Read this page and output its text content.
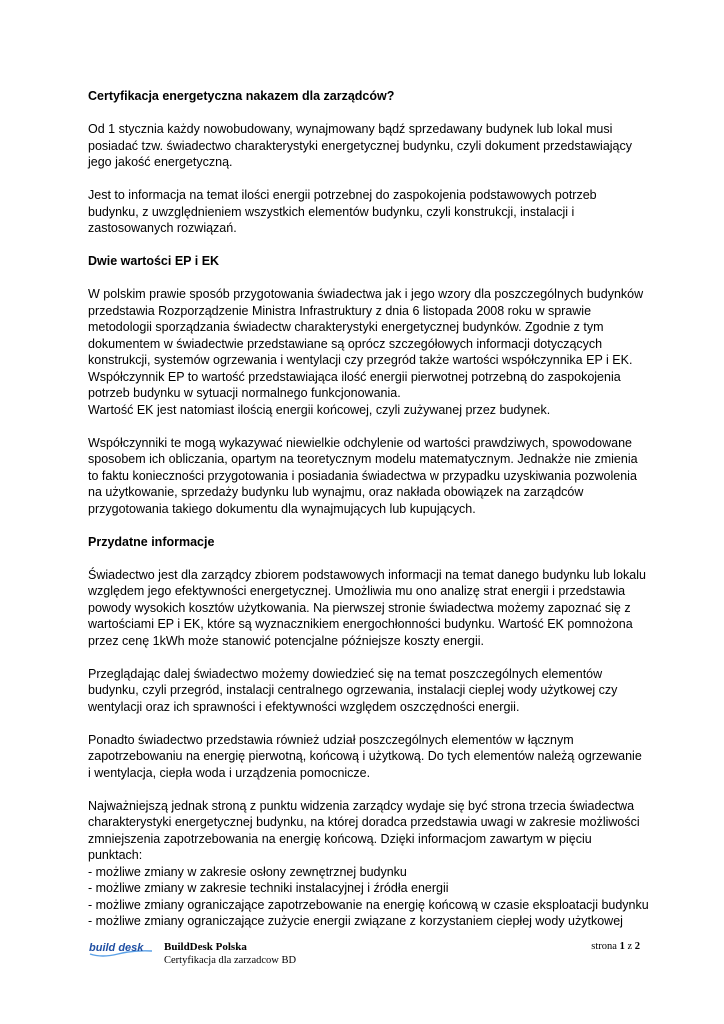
Certyfikacja energetyczna nakazem dla zarządców?

Od 1 stycznia każdy nowobudowany, wynajmowany bądź sprzedawany budynek lub lokal musi
posiadać tzw. świadectwo charakterystyki energetycznej budynku, czyli dokument przedstawiający
jego jakość energetyczną.

Jest to informacja na temat ilości energii potrzebnej do zaspokojenia podstawowych potrzeb
budynku, z uwzględnieniem wszystkich elementów budynku, czyli konstrukcji, instalacji i
zastosowanych rozwiązań.

Dwie wartości EP i EK

W polskim prawie sposób przygotowania świadectwa jak i jego wzory dla poszczególnych budynków
przedstawia Rozporządzenie Ministra Infrastruktury z dnia 6 listopada 2008 roku w sprawie
metodologii sporządzania świadectw charakterystyki energetycznej budynków. Zgodnie z tym
dokumentem w świadectwie przedstawiane są oprócz szczegółowych informacji dotyczących
konstrukcji, systemów ogrzewania i wentylacji czy przegród także wartości współczynnika EP i EK.
Współczynnik EP to wartość przedstawiająca ilość energii pierwotnej potrzebną do zaspokojenia
potrzeb budynku w sytuacji normalnego funkcjonowania.
Wartość EK jest natomiast ilością energii końcowej, czyli zużywanej przez budynek.

Współczynniki te mogą wykazywać niewielkie odchylenie od wartości prawdziwych, spowodowane
sposobem ich obliczania, opartym na teoretycznym modelu matematycznym. Jednakże nie zmienia
to faktu konieczności przygotowania i posiadania świadectwa w przypadku uzyskiwania pozwolenia
na użytkowanie, sprzedaży budynku lub wynajmu, oraz nakłada obowiązek na zarządców
przygotowania takiego dokumentu dla wynajmujących lub kupujących.

Przydatne informacje

Świadectwo jest dla zarządcy zbiorem podstawowych informacji na temat danego budynku lub lokalu
względem jego efektywności energetycznej. Umożliwia mu ono analizę strat energii i przedstawia
powody wysokich kosztów użytkowania. Na pierwszej stronie świadectwa możemy zapoznać się z
wartościami EP i EK, które są wyznacznikiem energochłonności budynku. Wartość EK pomnożona
przez cenę 1kWh może stanowić potencjalne późniejsze koszty energii.

Przeglądając dalej świadectwo możemy dowiedzieć się na temat poszczególnych elementów
budynku, czyli przegród, instalacji centralnego ogrzewania, instalacji cieplej wody użytkowej czy
wentylacji oraz ich sprawności i efektywności względem oszczędności energii.

Ponadto świadectwo przedstawia również udział poszczególnych elementów w łącznym
zapotrzebowaniu na energię pierwotną, końcową i użytkową. Do tych elementów należą ogrzewanie
i wentylacja, ciepła woda i urządzenia pomocnicze.

Najważniejszą jednak stroną z punktu widzenia zarządcy wydaje się być strona trzecia świadectwa
charakterystyki energetycznej budynku, na której doradca przedstawia uwagi w zakresie możliwości
zmniejszenia zapotrzebowania na energię końcową. Dzięki informacjom zawartym w pięciu
punktach:
- możliwe zmiany w zakresie osłony zewnętrznej budynku
- możliwe zmiany w zakresie techniki instalacyjnej i źródła energii
- możliwe zmiany ograniczające zapotrzebowanie na energię końcową w czasie eksploatacji budynku
- możliwe zmiany ograniczające zużycie energii związane z korzystaniem ciepłej wody użytkowej

build desk BuildDesk Polska
Certyfikacja dla zarzadcow BD
strona 1 z 2
